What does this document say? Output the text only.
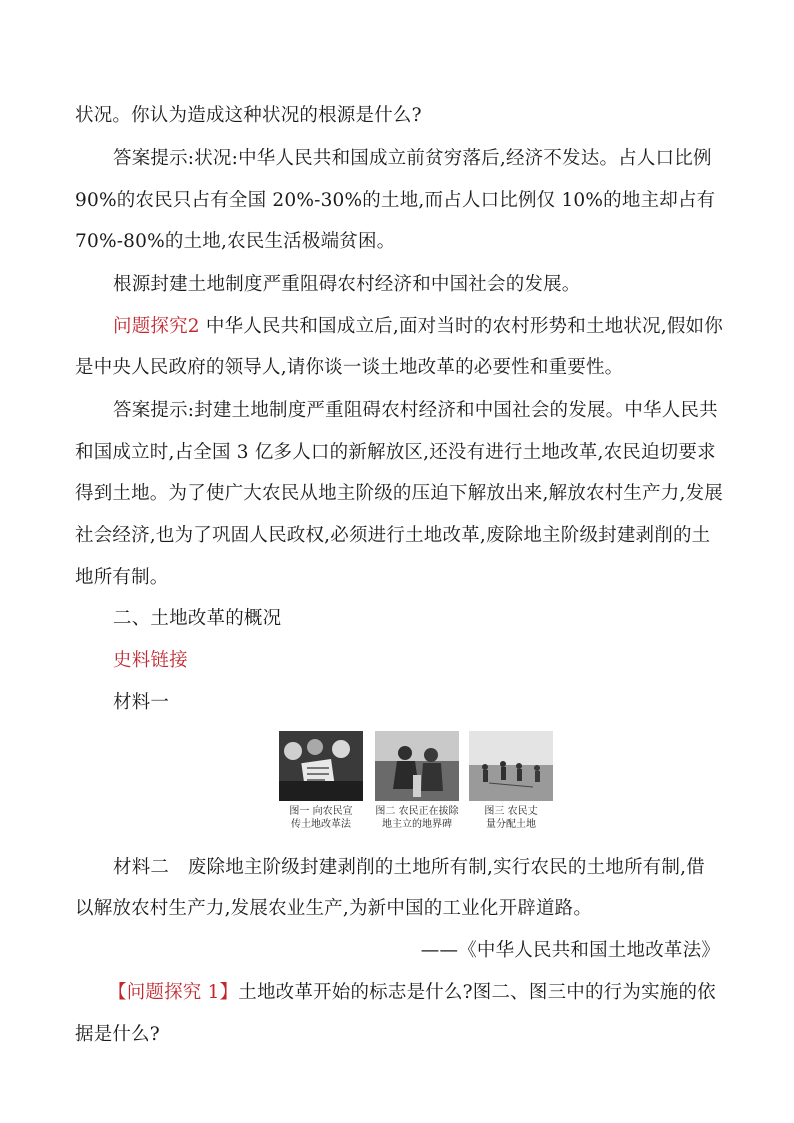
状况。你认为造成这种状况的根源是什么?
答案提示:状况:中华人民共和国成立前贫穷落后,经济不发达。占人口比例
90%的农民只占有全国 20%-30%的土地,而占人口比例仅 10%的地主却占有
70%-80%的土地,农民生活极端贫困。
根源封建土地制度严重阻碍农村经济和中国社会的发展。
问题探究2 中华人民共和国成立后,面对当时的农村形势和土地状况,假如你
是中央人民政府的领导人,请你谈一谈土地改革的必要性和重要性。
答案提示:封建土地制度严重阻碍农村经济和中国社会的发展。中华人民共
和国成立时,占全国 3 亿多人口的新解放区,还没有进行土地改革,农民迫切要求
得到土地。为了使广大农民从地主阶级的压迫下解放出来,解放农村生产力,发展
社会经济,也为了巩固人民政权,必须进行土地改革,废除地主阶级封建剥削的土
地所有制。
二、土地改革的概况
史料链接
材料一
图一 向农民宣
传土地改革法
图二 农民正在拔除
地主立的地界碑
图三 农民丈
量分配土地
材料二　废除地主阶级封建剥削的土地所有制,实行农民的土地所有制,借
以解放农村生产力,发展农业生产,为新中国的工业化开辟道路。
——《中华人民共和国土地改革法》
【问题探究 1】土地改革开始的标志是什么?图二、图三中的行为实施的依
据是什么?
